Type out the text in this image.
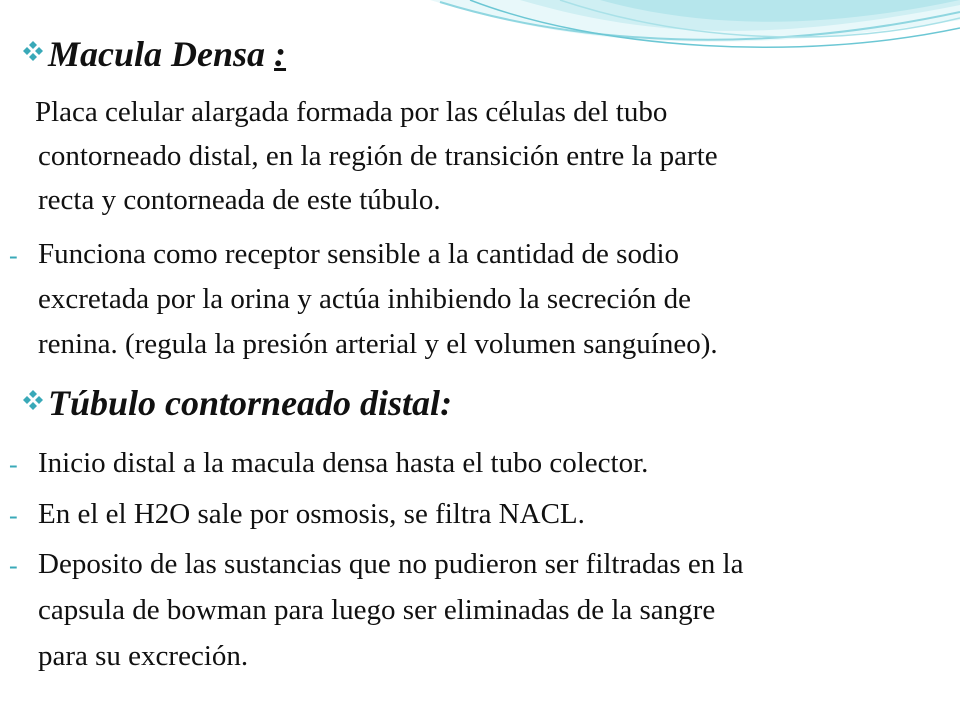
Macula Densa :
Placa celular alargada formada por las células del tubo
contorneado distal, en la región de transición entre la parte
recta y contorneada de este túbulo.
- Funciona como receptor sensible a la cantidad de sodio
excretada por la orina y actúa inhibiendo la secreción de
renina. (regula la presión arterial y el volumen sanguíneo).
Túbulo contorneado distal:
- Inicio distal a la macula densa hasta el tubo colector.
- En el el H2O sale por osmosis, se filtra NACL.
- Deposito de las sustancias que no pudieron ser filtradas en la
capsula de bowman para luego ser eliminadas de la sangre
para su excreción.
